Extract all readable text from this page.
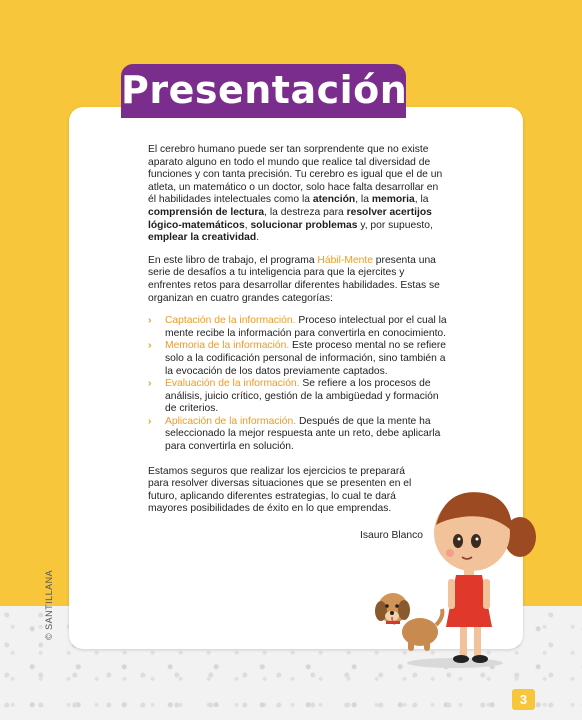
El cerebro humano puede ser tan sorprendente que no existe aparato alguno en todo el mundo que realice tal diversidad de funciones y con tanta precisión. Tu cerebro es igual que el de un atleta, un matemático o un doctor, solo hace falta desarrollar en él habilidades intelectuales como la atención, la memoria, la comprensión de lectura, la destreza para resolver acertijos lógico-matemáticos, solucionar problemas y, por supuesto, emplear la creatividad.

En este libro de trabajo, el programa Hábil-Mente presenta una serie de desafíos a tu inteligencia para que la ejercites y enfrentes retos para desarrollar diferentes habilidades. Estas se organizan en cuatro grandes categorías:

› Captación de la información. Proceso intelectual por el cual la mente recibe la información para convertirla en conocimiento.
› Memoria de la información. Este proceso mental no se refiere solo a la codificación personal de información, sino también a la evocación de los datos previamente captados.
› Evaluación de la información. Se refiere a los procesos de análisis, juicio crítico, gestión de la ambigüedad y formación de criterios.
› Aplicación de la información. Después de que la mente ha seleccionado la mejor respuesta ante un reto, debe aplicarla para convertirla en solución.

Estamos seguros que realizar los ejercicios te preparará para resolver diversas situaciones que se presenten en el futuro, aplicando diferentes estrategias, lo cual te dará mayores posibilidades de éxito en lo que emprendas.

Isauro Blanco
Presentación
© SANTILLANA
3
